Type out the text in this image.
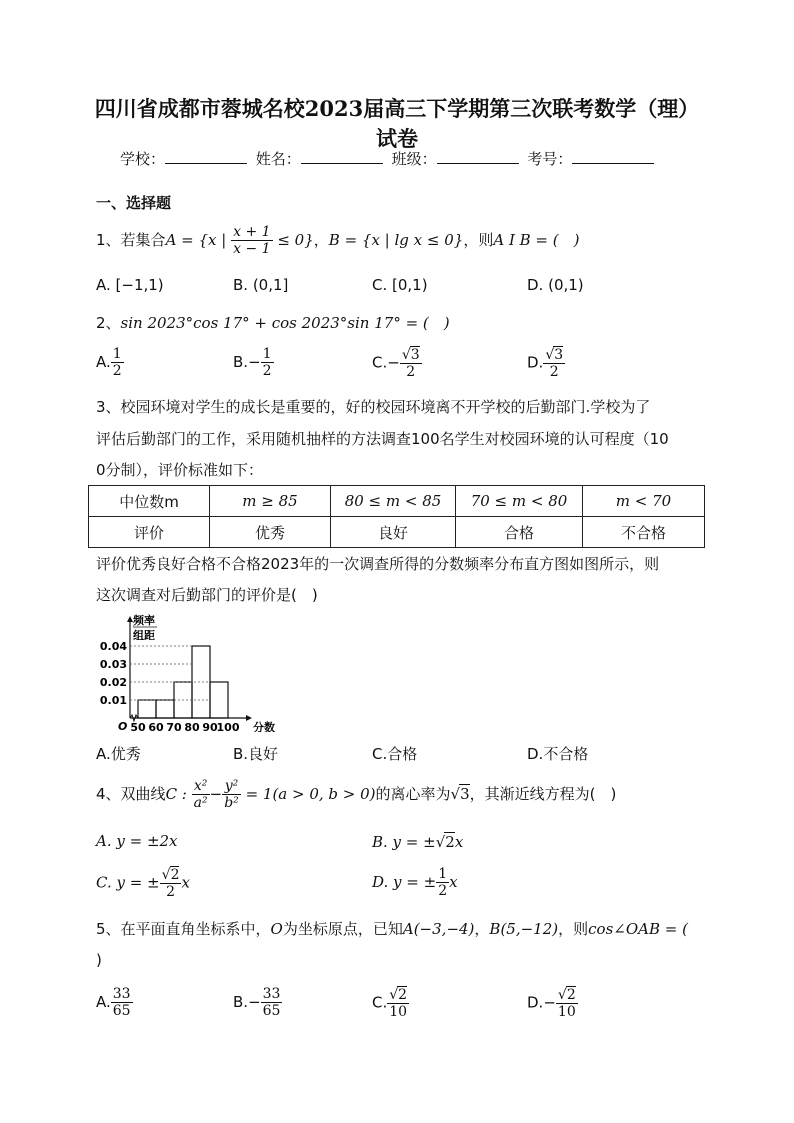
四川省成都市蓉城名校2023届高三下学期第三次联考数学（理）试卷
学校：	姓名：	班级：	考号：
一、选择题
1、若集合A = {x | $\frac{x + 1}{x - 1} \le 0$}，B = {x | lg x ≤ 0}，则A I B = (　)
A. [−1,1)	B. (0,1]	C. [0,1)	D. (0,1)
2、sin 2023°cos 17° + cos 2023°sin 17° = (　)
A. $\frac{1}{2}$	$B.- \frac{1}{2}$	$C.- \frac{√3}{2}$	D. $\frac{√3}{2}$
3、校园环境对学生的成长是重要的，好的校园环境离不开学校的后勤部门.学校为了
评估后勤部门的工作，采用随机抽样的方法调查100名学生对校园环境的认可程度（10
0分制），评价标准如下：
中位数m	m ≥ 85	80 ≤ m < 85	70 ≤ m < 80	m < 70
评价	优秀	良好	合格	不合格
评价优秀良好合格不合格2023年的一次调查所得的分数频率分布直方图如图所示，则
这次调查对后勤部门的评价是(　)
0.01
0.02
0.03
0.04
50 60 70 80 90
100
O
频率
组距
分数
A.优秀	B.良好	C.合格	D.不合格
4、双曲线C : $\frac{\text{x²}}{\text{a²}} - \frac{\text{y²}}{\text{b²}} = 1(a > 0$, b > 0)的离心率为√3，其渐近线方程为(　)
A. y = ±2x	B. y = ±√2x
C. y = ± $\frac{√2}{2}$ x	D. y = ± $\frac{1}{2}$ x
5、在平面直角坐标系中，O为坐标原点，已知A(−3,−4)，B(5,−12)，则cos∠OAB = (
)
A. $\frac{33}{65}$	$B.- \frac{33}{65}$	C. $\frac{√2}{10}$	$D.- \frac{√2}{10}$
